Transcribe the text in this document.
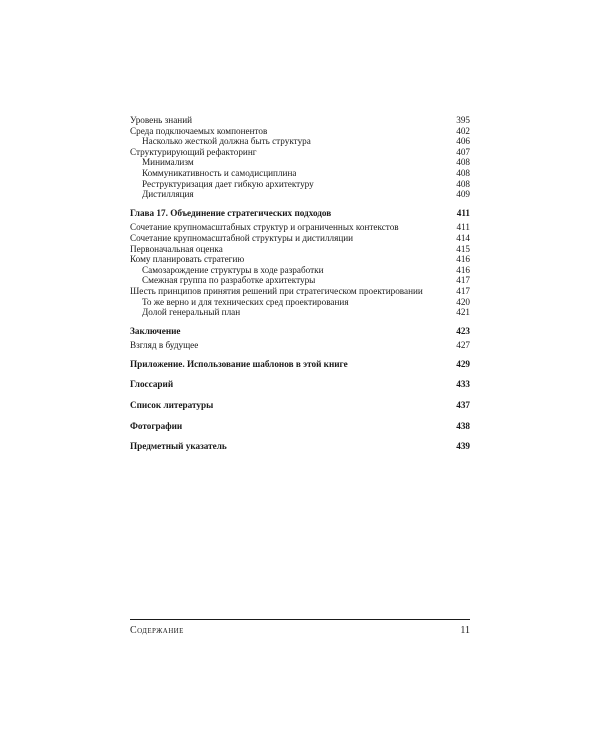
Уровень знаний	395
Среда подключаемых компонентов	402
Насколько жесткой должна быть структура	406
Структурирующий рефакторинг	407
Минимализм	408
Коммуникативность и самодисциплина	408
Реструктуризация дает гибкую архитектуру	408
Дистилляция	409
Глава 17. Объединение стратегических подходов	411
Сочетание крупномасштабных структур и ограниченных контекстов	411
Сочетание крупномасштабной структуры и дистилляции	414
Первоначальная оценка	415
Кому планировать стратегию	416
Самозарождение структуры в ходе разработки	416
Смежная группа по разработке архитектуры	417
Шесть принципов принятия решений при стратегическом проектировании	417
То же верно и для технических сред проектирования	420
Долой генеральный план	421
Заключение	423
Взгляд в будущее	427
Приложение. Использование шаблонов в этой книге	429
Глоссарий	433
Список литературы	437
Фотографии	438
Предметный указатель	439
Содержание	11
